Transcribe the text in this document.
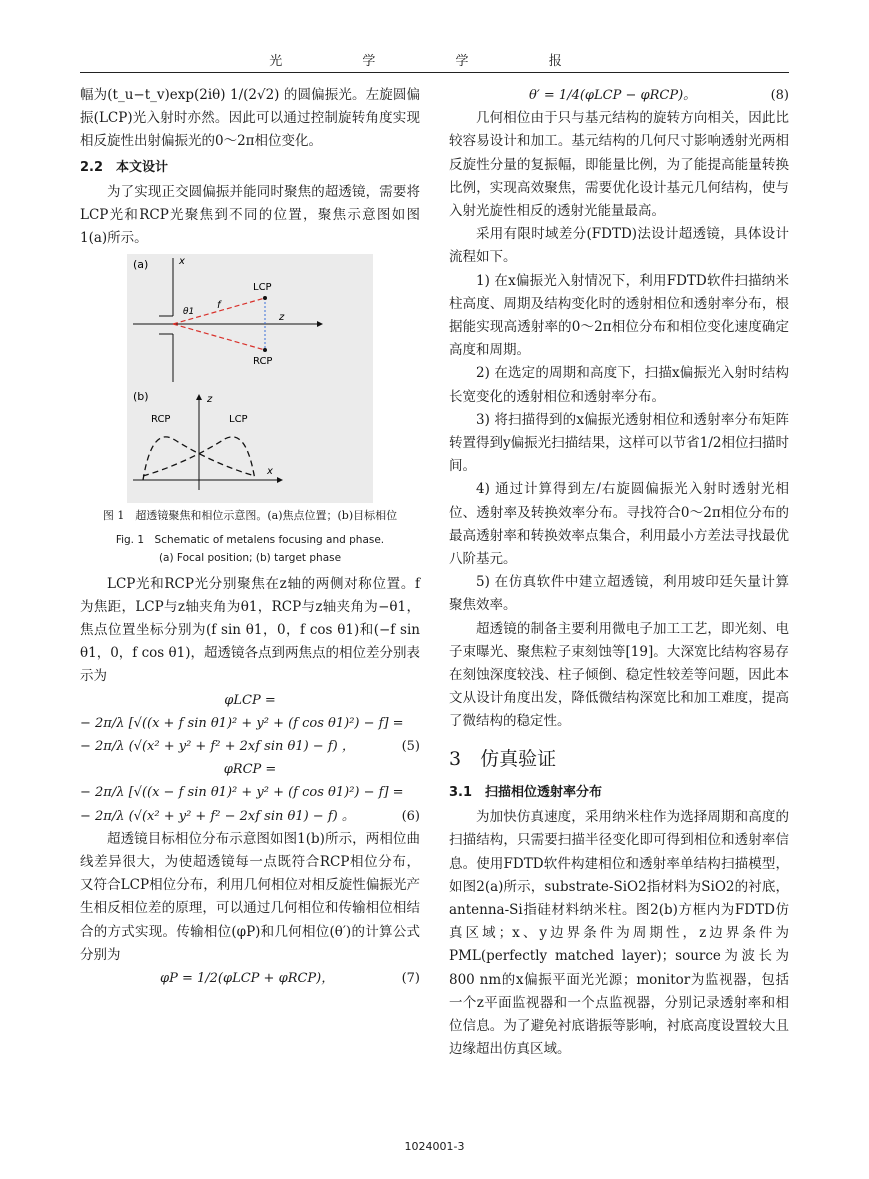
光 学 学 报

幅为(t_u−t_v)exp(2iθ) 1/(2√2) 的圆偏振光。左旋圆偏振(LCP)光入射时亦然。因此可以通过控制旋转角度实现相反旋性出射偏振光的0～2π相位变化。

2.2　本文设计

为了实现正交圆偏振并能同时聚焦的超透镜，需要将LCP光和RCP光聚焦到不同的位置，聚焦示意图如图1(a)所示。

(a)
z
x
LCP
RCP
f
θ1
(b)	z
x
RCP	LCP
图 1　超透镜聚焦和相位示意图。(a)焦点位置；(b)目标相位
Fig. 1　Schematic of metalens focusing and phase.
(a) Focal position; (b) target phase

LCP光和RCP光分别聚焦在z轴的两侧对称位置。f为焦距，LCP与z轴夹角为θ1，RCP与z轴夹角为−θ1，焦点位置坐标分别为(f sin θ1，0，f cos θ1)和(−f sin θ1，0，f cos θ1)，超透镜各点到两焦点的相位差分别表示为

φLCP =
− 2π/λ [√((x + f sin θ1)² + y² + (f cos θ1)²) − f] =
− 2π/λ (√(x² + y² + f² + 2xf sin θ1) − f) ，	(5)
φRCP =
− 2π/λ [√((x − f sin θ1)² + y² + (f cos θ1)²) − f] =
− 2π/λ (√(x² + y² + f² − 2xf sin θ1) − f) 。	(6)

超透镜目标相位分布示意图如图1(b)所示，两相位曲线差异很大，为使超透镜每一点既符合RCP相位分布，又符合LCP相位分布，利用几何相位对相反旋性偏振光产生相反相位差的原理，可以通过几何相位和传输相位相结合的方式实现。传输相位(φP)和几何相位(θ′)的计算公式分别为

φP = 1/2(φLCP + φRCP)，	(7)
θ′ = 1/4(φLCP − φRCP)。	(8)

几何相位由于只与基元结构的旋转方向相关，因此比较容易设计和加工。基元结构的几何尺寸影响透射光两相反旋性分量的复振幅，即能量比例，为了能提高能量转换比例，实现高效聚焦，需要优化设计基元几何结构，使与入射光旋性相反的透射光能量最高。

采用有限时域差分(FDTD)法设计超透镜，具体设计流程如下。

1) 在x偏振光入射情况下，利用FDTD软件扫描纳米柱高度、周期及结构变化时的透射相位和透射率分布，根据能实现高透射率的0～2π相位分布和相位变化速度确定高度和周期。

2) 在选定的周期和高度下，扫描x偏振光入射时结构长宽变化的透射相位和透射率分布。

3) 将扫描得到的x偏振光透射相位和透射率分布矩阵转置得到y偏振光扫描结果，这样可以节省1/2相位扫描时间。

4) 通过计算得到左/右旋圆偏振光入射时透射光相位、透射率及转换效率分布。寻找符合0～2π相位分布的最高透射率和转换效率点集合，利用最小方差法寻找最优八阶基元。

5) 在仿真软件中建立超透镜，利用坡印廷矢量计算聚焦效率。

超透镜的制备主要利用微电子加工工艺，即光刻、电子束曝光、聚焦粒子束刻蚀等[19]。大深宽比结构容易存在刻蚀深度较浅、柱子倾倒、稳定性较差等问题，因此本文从设计角度出发，降低微结构深宽比和加工难度，提高了微结构的稳定性。

3　仿真验证
3.1　扫描相位透射率分布

为加快仿真速度，采用纳米柱作为选择周期和高度的扫描结构，只需要扫描半径变化即可得到相位和透射率信息。使用FDTD软件构建相位和透射率单结构扫描模型，如图2(a)所示，substrate-SiO2指材料为SiO2的衬底，antenna-Si指硅材料纳米柱。图2(b)方框内为FDTD仿真区域；x、y边界条件为周期性，z边界条件为PML(perfectly matched layer)；source为波长为800 nm的x偏振平面光光源；monitor为监视器，包括一个z平面监视器和一个点监视器，分别记录透射率和相位信息。为了避免衬底谐振等影响，衬底高度设置较大且边缘超出仿真区域。

1024001-3
